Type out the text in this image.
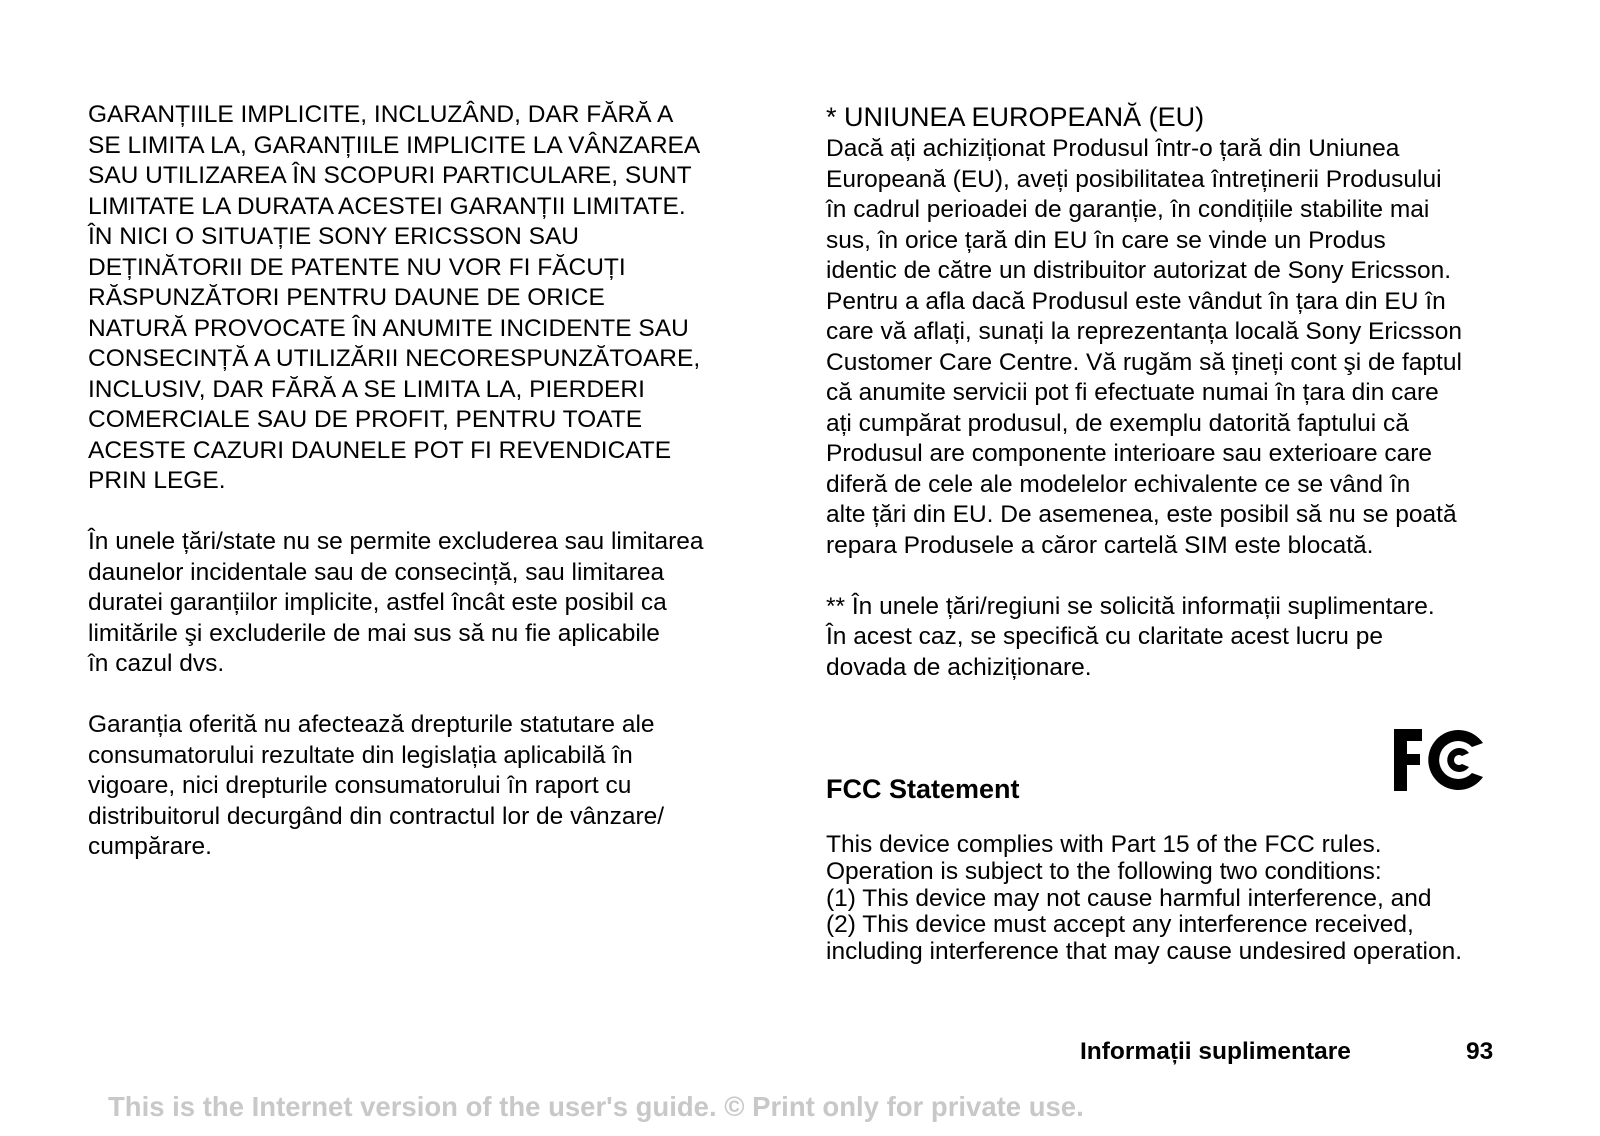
GARANȚIILE IMPLICITE, INCLUZÂND, DAR FĂRĂ A
SE LIMITA LA, GARANȚIILE IMPLICITE LA VÂNZAREA
SAU UTILIZAREA ÎN SCOPURI PARTICULARE, SUNT
LIMITATE LA DURATA ACESTEI GARANȚII LIMITATE.
ÎN NICI O SITUAȚIE SONY ERICSSON SAU
DEȚINĂTORII DE PATENTE NU VOR FI FĂCUȚI
RĂSPUNZĂTORI PENTRU DAUNE DE ORICE
NATURĂ PROVOCATE ÎN ANUMITE INCIDENTE SAU
CONSECINȚĂ A UTILIZĂRII NECORESPUNZĂTOARE,
INCLUSIV, DAR FĂRĂ A SE LIMITA LA, PIERDERI
COMERCIALE SAU DE PROFIT, PENTRU TOATE
ACESTE CAZURI DAUNELE POT FI REVENDICATE
PRIN LEGE.
În unele țări/state nu se permite excluderea sau limitarea
daunelor incidentale sau de consecință, sau limitarea
duratei garanțiilor implicite, astfel încât este posibil ca
limitările şi excluderile de mai sus să nu fie aplicabile
în cazul dvs.
Garanția oferită nu afectează drepturile statutare ale
consumatorului rezultate din legislația aplicabilă în
vigoare, nici drepturile consumatorului în raport cu
distribuitorul decurgând din contractul lor de vânzare/
cumpărare.
* UNIUNEA EUROPEANĂ (EU)
Dacă ați achiziționat Produsul într-o țară din Uniunea
Europeană (EU), aveți posibilitatea întreținerii Produsului
în cadrul perioadei de garanție, în condițiile stabilite mai
sus, în orice țară din EU în care se vinde un Produs
identic de către un distribuitor autorizat de Sony Ericsson.
Pentru a afla dacă Produsul este vândut în țara din EU în
care vă aflați, sunați la reprezentanța locală Sony Ericsson
Customer Care Centre. Vă rugăm să țineți cont şi de faptul
că anumite servicii pot fi efectuate numai în țara din care
ați cumpărat produsul, de exemplu datorită faptului că
Produsul are componente interioare sau exterioare care
diferă de cele ale modelelor echivalente ce se vând în
alte țări din EU. De asemenea, este posibil să nu se poată
repara Produsele a căror cartelă SIM este blocată.
** În unele țări/regiuni se solicită informații suplimentare.
În acest caz, se specifică cu claritate acest lucru pe
dovada de achiziționare.
FCC Statement
This device complies with Part 15 of the FCC rules.
Operation is subject to the following two conditions:
(1) This device may not cause harmful interference, and
(2) This device must accept any interference received,
including interference that may cause undesired operation.
Informații suplimentare	93
This is the Internet version of the user's guide. © Print only for private use.
